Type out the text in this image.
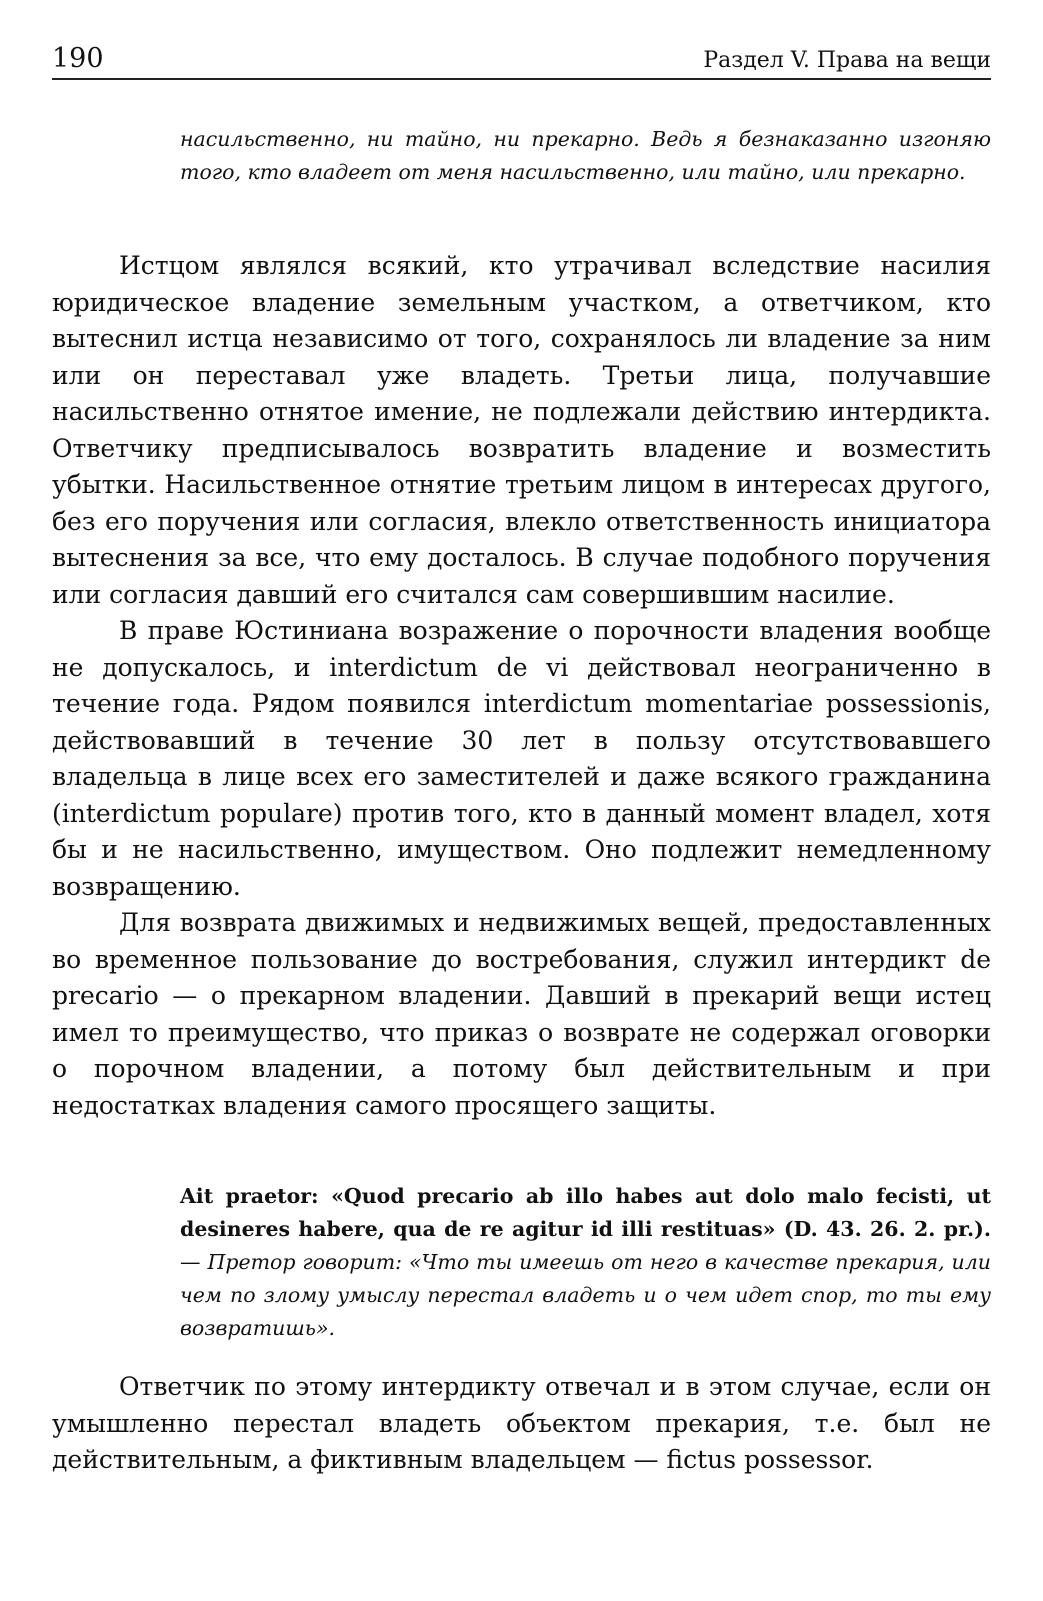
190	Раздел V. Права на вещи
насильственно, ни тайно, ни прекарно. Ведь я безнаказанно изгоняю того, кто владеет от меня насильственно, или тайно, или прекарно.

Истцом являлся всякий, кто утрачивал вследствие насилия юридическое владение земельным участком, а ответчиком, кто вытеснил истца независимо от того, сохранялось ли владение за ним или он переставал уже владеть. Третьи лица, получавшие насильственно отнятое имение, не подлежали действию интердикта. Ответчику предписывалось возвратить владение и возместить убытки. Насильственное отнятие третьим лицом в интересах другого, без его поручения или согласия, влекло ответственность инициатора вытеснения за все, что ему досталось. В случае подобного поручения или согласия давший его считался сам совершившим насилие.

В праве Юстиниана возражение о порочности владения вообще не допускалось, и interdictum de vi действовал неограниченно в течение года. Рядом появился interdictum momentariae possessionis, действовавший в течение 30 лет в пользу отсутствовавшего владельца в лице всех его заместителей и даже всякого гражданина (interdictum populare) против того, кто в данный момент владел, хотя бы и не насильственно, имуществом. Оно подлежит немедленному возвращению.

Для возврата движимых и недвижимых вещей, предоставленных во временное пользование до востребования, служил интердикт de precario — о прекарном владении. Давший в прекарий вещи истец имел то преимущество, что приказ о возврате не содержал оговорки о порочном владении, а потому был действительным и при недостатках владения самого просящего защиты.

Ait praetor: «Quod precario ab illo habes aut dolo malo fecisti, ut desineres habere, qua de re agitur id illi restituas» (D. 43. 26. 2. pr.). — Претор говорит: «Что ты имеешь от него в качестве прекария, или чем по злому умыслу перестал владеть и о чем идет спор, то ты ему возвратишь».

Ответчик по этому интердикту отвечал и в этом случае, если он умышленно перестал владеть объектом прекария, т.е. был не действительным, а фиктивным владельцем — fictus possessor.
